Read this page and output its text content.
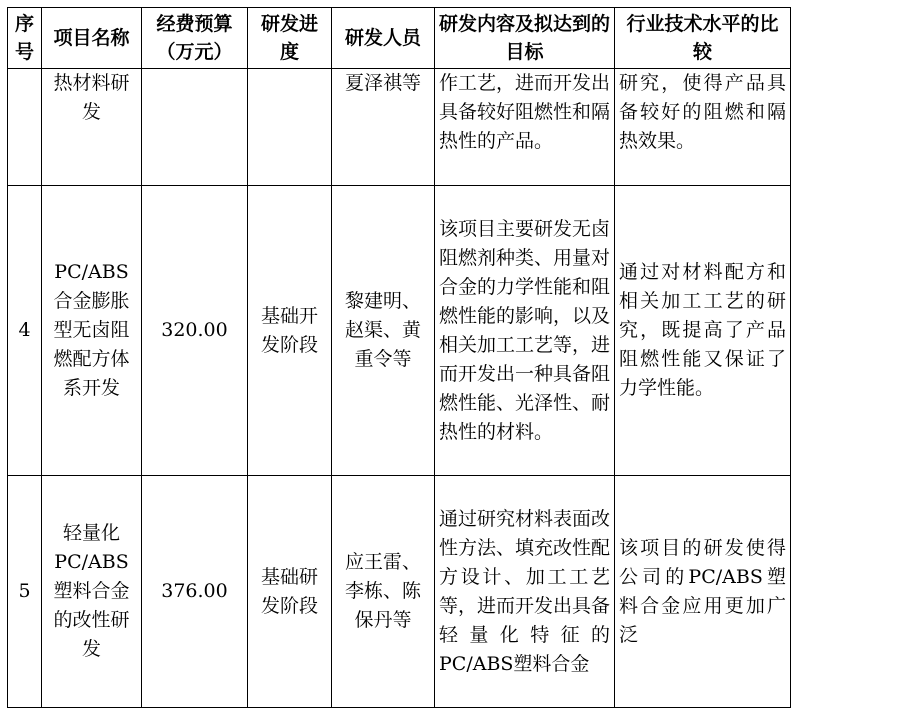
序号	项目名称	经费预算（万元）	研发进度	研发人员	研发内容及拟达到的目标	行业技术水平的比较
	热材料研发			夏泽祺等	作工艺，进而开发出具备较好阻燃性和隔热性的产品。	研究，使得产品具备较好的阻燃和隔热效果。
4	PC/ABS合金膨胀型无卤阻燃配方体系开发	320.00	基础开发阶段	黎建明、赵渠、黄重令等	该项目主要研发无卤阻燃剂种类、用量对合金的力学性能和阻燃性能的影响，以及相关加工工艺等，进而开发出一种具备阻燃性能、光泽性、耐热性的材料。	通过对材料配方和相关加工工艺的研究，既提高了产品阻燃性能又保证了力学性能。
5	轻量化PC/ABS塑料合金的改性研发	376.00	基础研发阶段	应王雷、李栋、陈保丹等	通过研究材料表面改性方法、填充改性配方设计、加工工艺等，进而开发出具备轻量化特征的PC/ABS塑料合金	该项目的研发使得公司的PC/ABS塑料合金应用更加广泛
